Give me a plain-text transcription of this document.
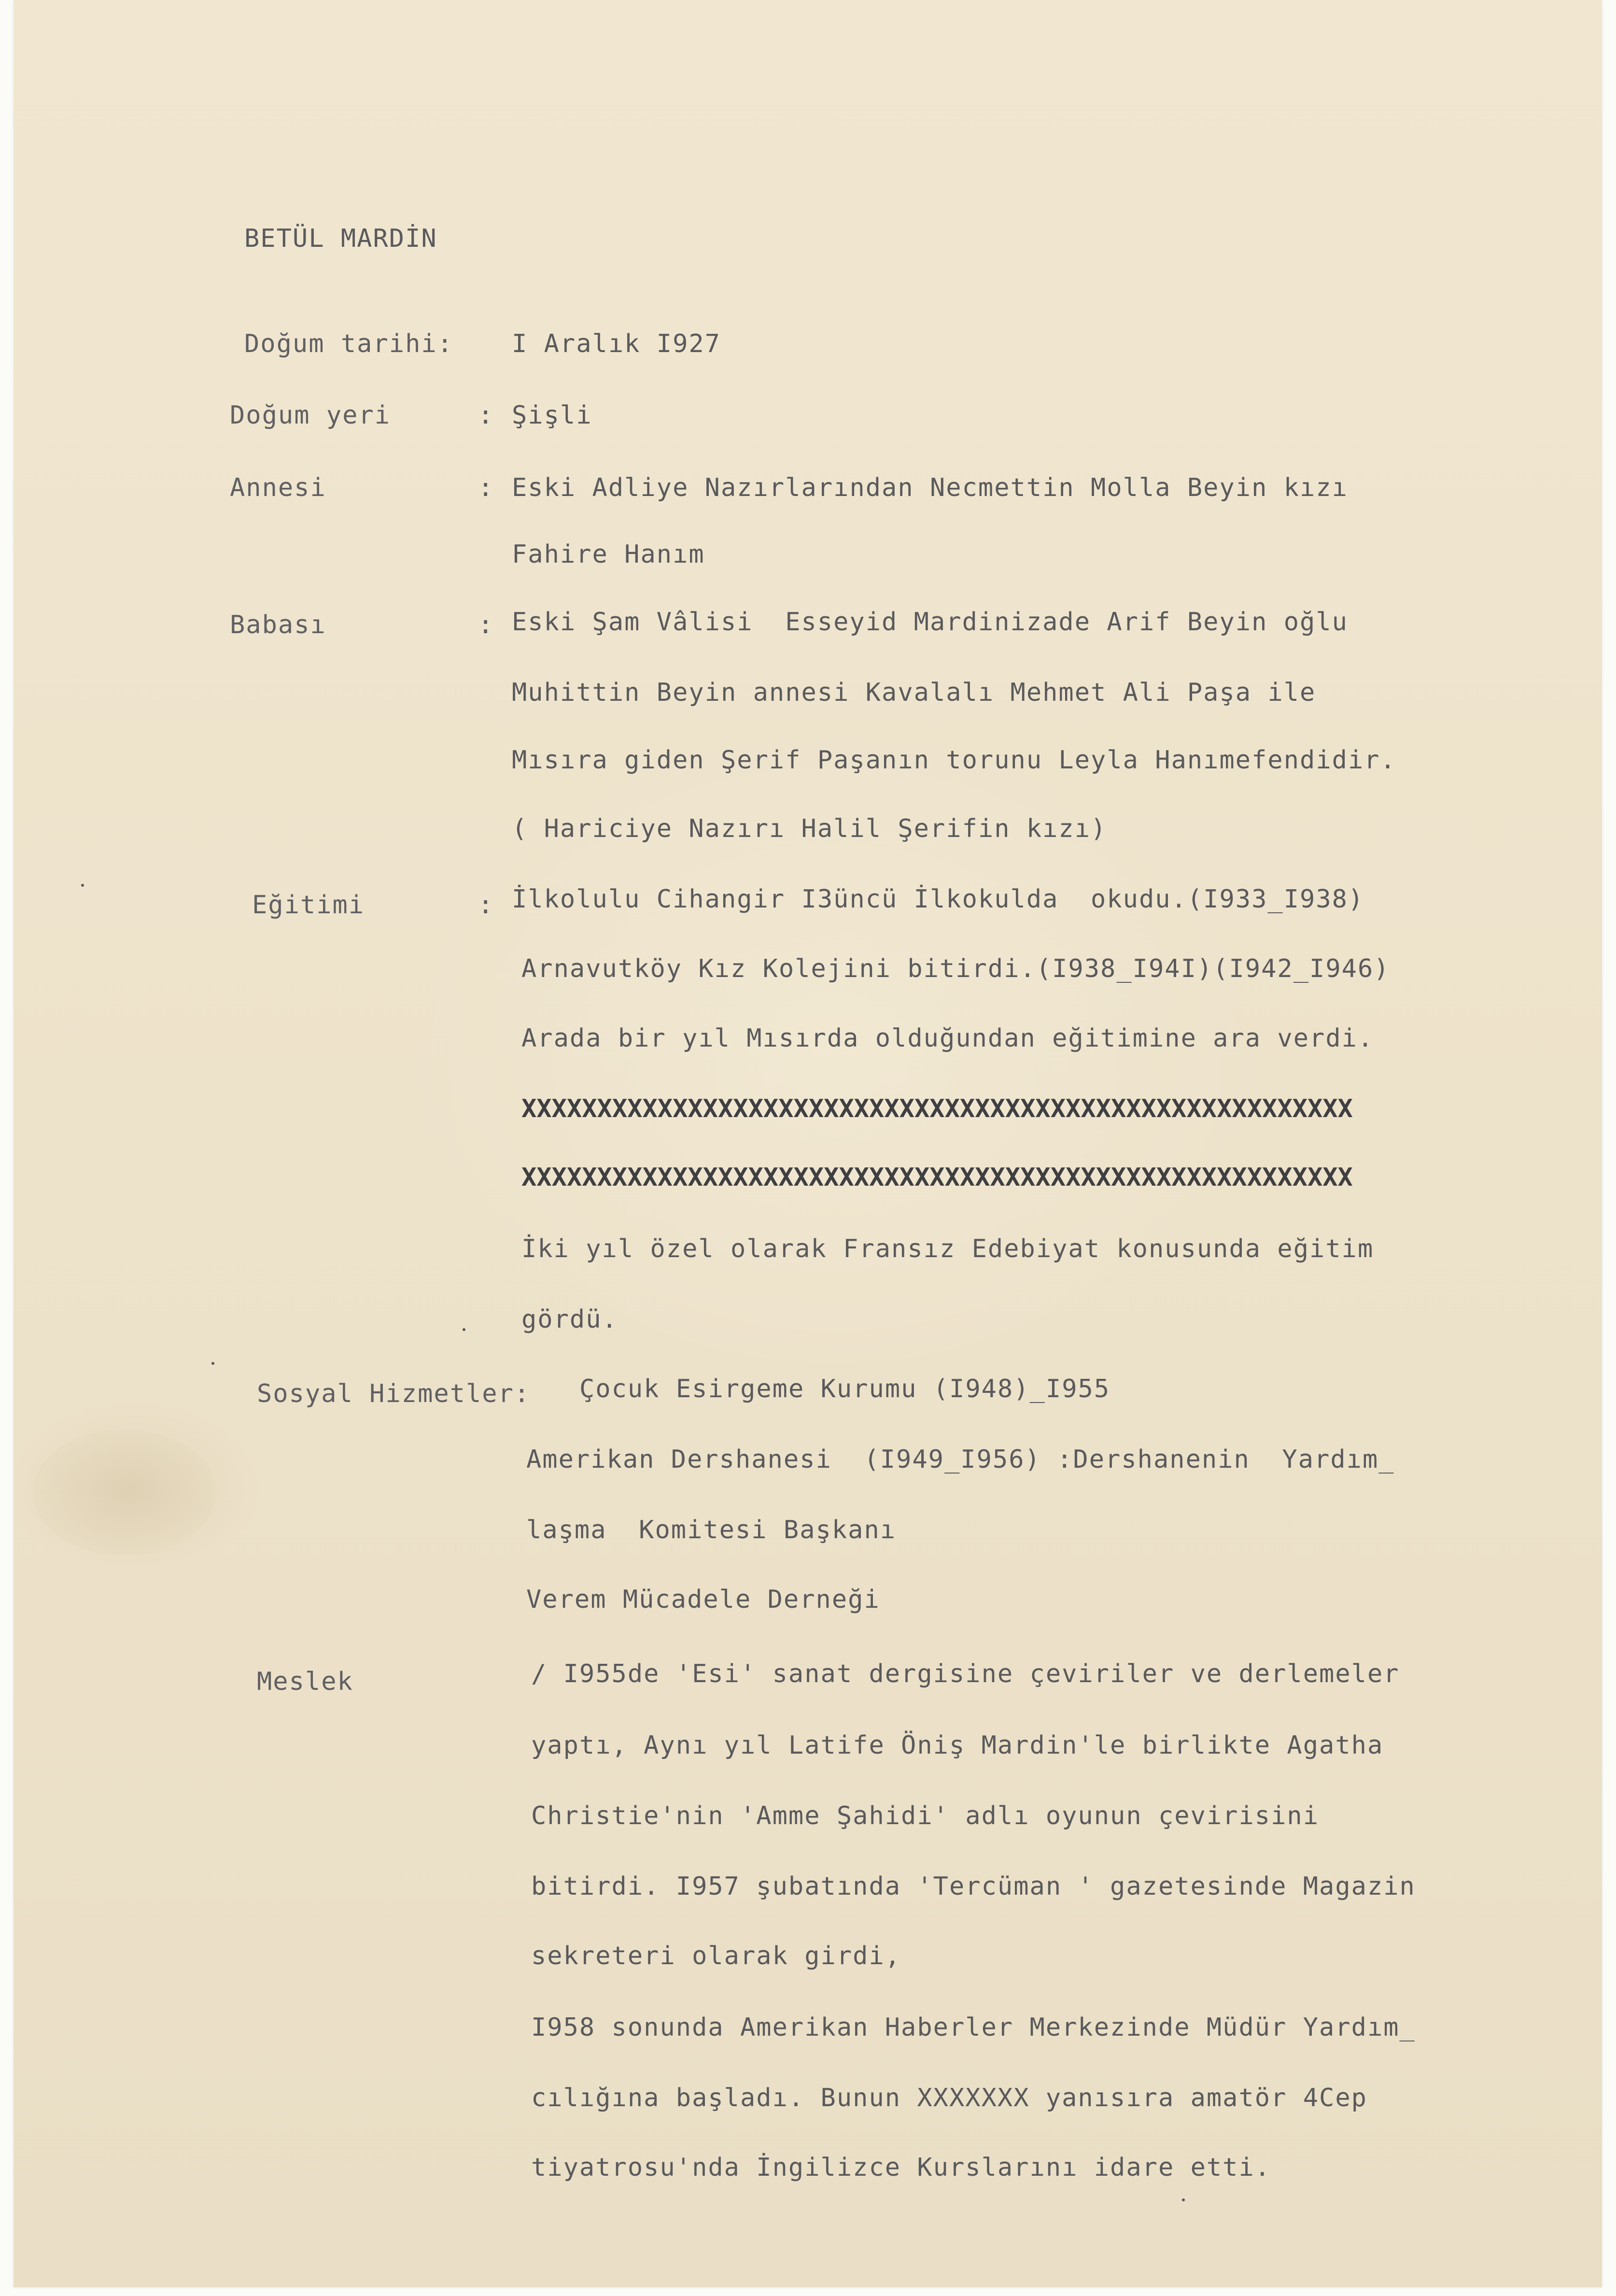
BETÜL MARDİN
Doğum tarihi: I Aralık I927
Doğum yeri	: Şişli
Annesi	: Eski Adliye Nazırlarından Necmettin Molla Beyin kızı
Fahire Hanım
Babası	: Eski Şam Vâlisi  Esseyid Mardinizade Arif Beyin oğlu
Muhittin Beyin annesi Kavalalı Mehmet Ali Paşa ile
Mısıra giden Şerif Paşanın torunu Leyla Hanımefendidir.
( Hariciye Nazırı Halil Şerifin kızı)
Eğitimi	: İlkolulu Cihangir I3üncü İlkokulda  okudu.(I933_I938)
Arnavutköy Kız Kolejini bitirdi.(I938_I94I)(I942_I946)
Arada bir yıl Mısırda olduğundan eğitimine ara verdi.
XXXXXXXXXXXXXXXXXXXXXXXXXXXXXXXXXXXXXXXXXXXXXXXXXXXXXXX
XXXXXXXXXXXXXXXXXXXXXXXXXXXXXXXXXXXXXXXXXXXXXXXXXXXXXXX
İki yıl özel olarak Fransız Edebiyat konusunda eğitim
gördü.
Sosyal Hizmetler: Çocuk Esirgeme Kurumu (I948)_I955
Amerikan Dershanesi  (I949_I956) :Dershanenin  Yardım_
laşma  Komitesi Başkanı
Verem Mücadele Derneği
Meslek	/ I955de 'Esi' sanat dergisine çeviriler ve derlemeler
yaptı, Aynı yıl Latife Öniş Mardin'le birlikte Agatha
Christie'nin 'Amme Şahidi' adlı oyunun çevirisini
bitirdi. I957 şubatında 'Tercüman ' gazetesinde Magazin
sekreteri olarak girdi,
I958 sonunda Amerikan Haberler Merkezinde Müdür Yardım_
cılığına başladı. Bunun XXXXXXX yanısıra amatör 4Cep
tiyatrosu'nda İngilizce Kurslarını idare etti.
